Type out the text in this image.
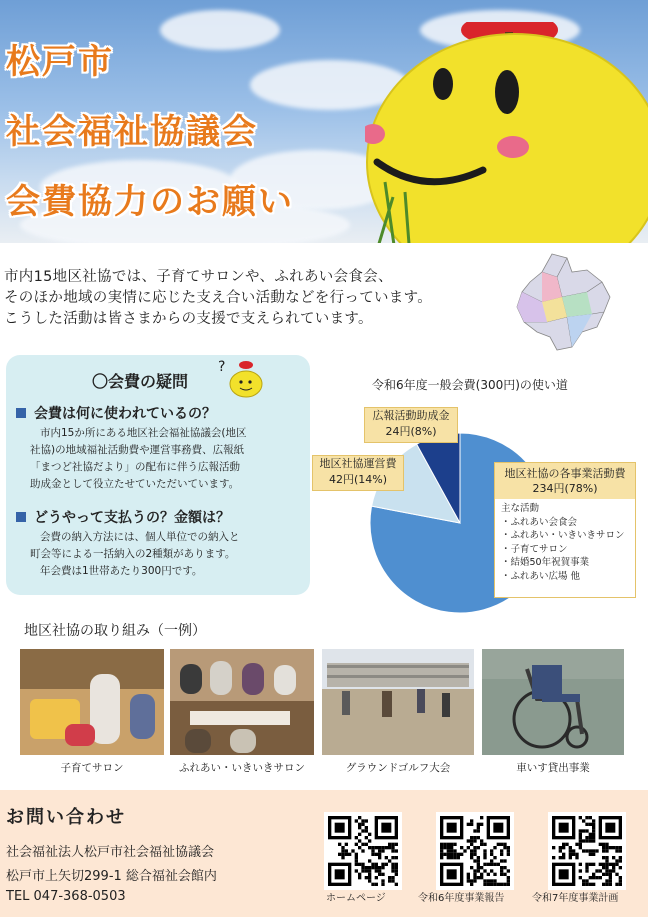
松戸市
社会福祉協議会
会費協力のお願い

市内15地区社協では、子育てサロンや、ふれあい会食会、

そのほか地域の実情に応じた支え合い活動などを行っています。

こうした活動は皆さまからの支援で支えられています。

〇会費の疑問
?
会費は何に使われているの？

市内15か所にある地区社会福祉協議会(地区

社協)の地域福祉活動費や運営事務費、広報紙

「まつど社協だより」の配布に伴う広報活動

助成金として役立たせていただいています。

どうやって支払うの？金額は？

会費の納入方法には、個人単位での納入と

町会等による一括納入の2種類があります。

年会費は1世帯あたり300円です。

令和6年度一般会費(300円)の使い道
広報活動助成金
24円(8%)
地区社協運営費
42円(14%)	地区社協の各事業活動費
234円(78%)
主な活動
・ふれあい会食会
・ふれあい・いきいきサロン
・子育てサロン
・結婚50年祝賀事業
・ふれあい広場 他
地区社協の取り組み（一例）
子育てサロン	ふれあい・いきいきサロン	グラウンドゴルフ大会	車いす貸出事業
お問い合わせ
社会福祉法人松戸市社会福祉協議会
松戸市上矢切299-1 総合福祉会館内
TEL 047-368-0503	ホームページ	令和6年度事業報告	令和7年度事業計画
